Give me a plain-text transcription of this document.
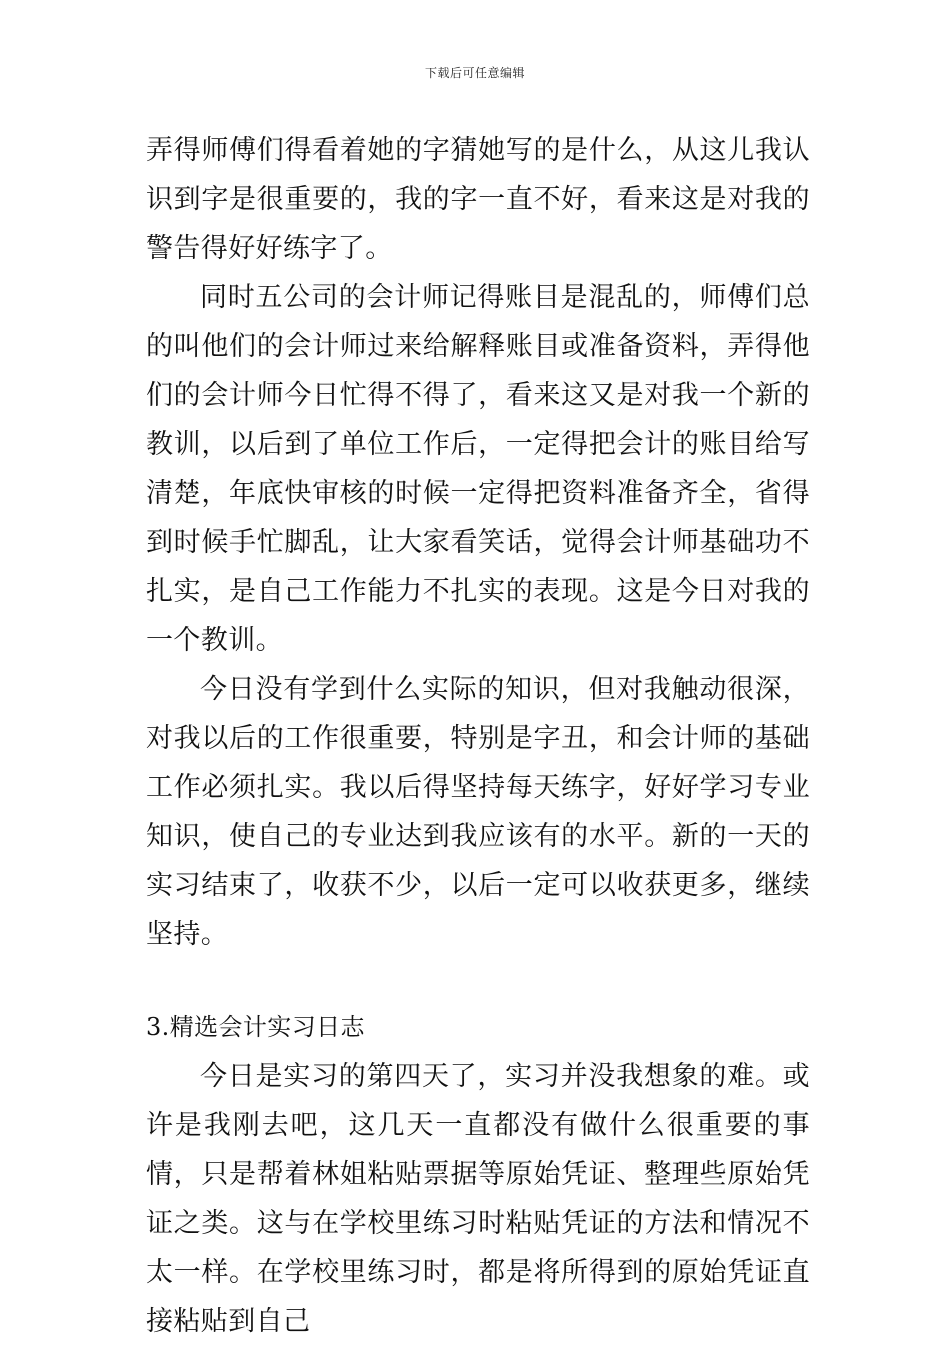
下载后可任意编辑

弄得师傅们得看着她的字猜她写的是什么，从这儿我认识到字是很重要的，我的字一直不好，看来这是对我的警告得好好练字了。

同时五公司的会计师记得账目是混乱的，师傅们总的叫他们的会计师过来给解释账目或准备资料，弄得他们的会计师今日忙得不得了，看来这又是对我一个新的教训，以后到了单位工作后，一定得把会计的账目给写清楚，年底快审核的时候一定得把资料准备齐全，省得到时候手忙脚乱，让大家看笑话，觉得会计师基础功不扎实，是自己工作能力不扎实的表现。这是今日对我的一个教训。

今日没有学到什么实际的知识，但对我触动很深，对我以后的工作很重要，特别是字丑，和会计师的基础工作必须扎实。我以后得坚持每天练字，好好学习专业知识，使自己的专业达到我应该有的水平。新的一天的实习结束了，收获不少，以后一定可以收获更多，继续坚持。

3.精选会计实习日志

今日是实习的第四天了，实习并没我想象的难。或许是我刚去吧，这几天一直都没有做什么很重要的事情，只是帮着林姐粘贴票据等原始凭证、整理些原始凭证之类。这与在学校里练习时粘贴凭证的方法和情况不太一样。在学校里练习时，都是将所得到的原始凭证直接粘贴到自己
